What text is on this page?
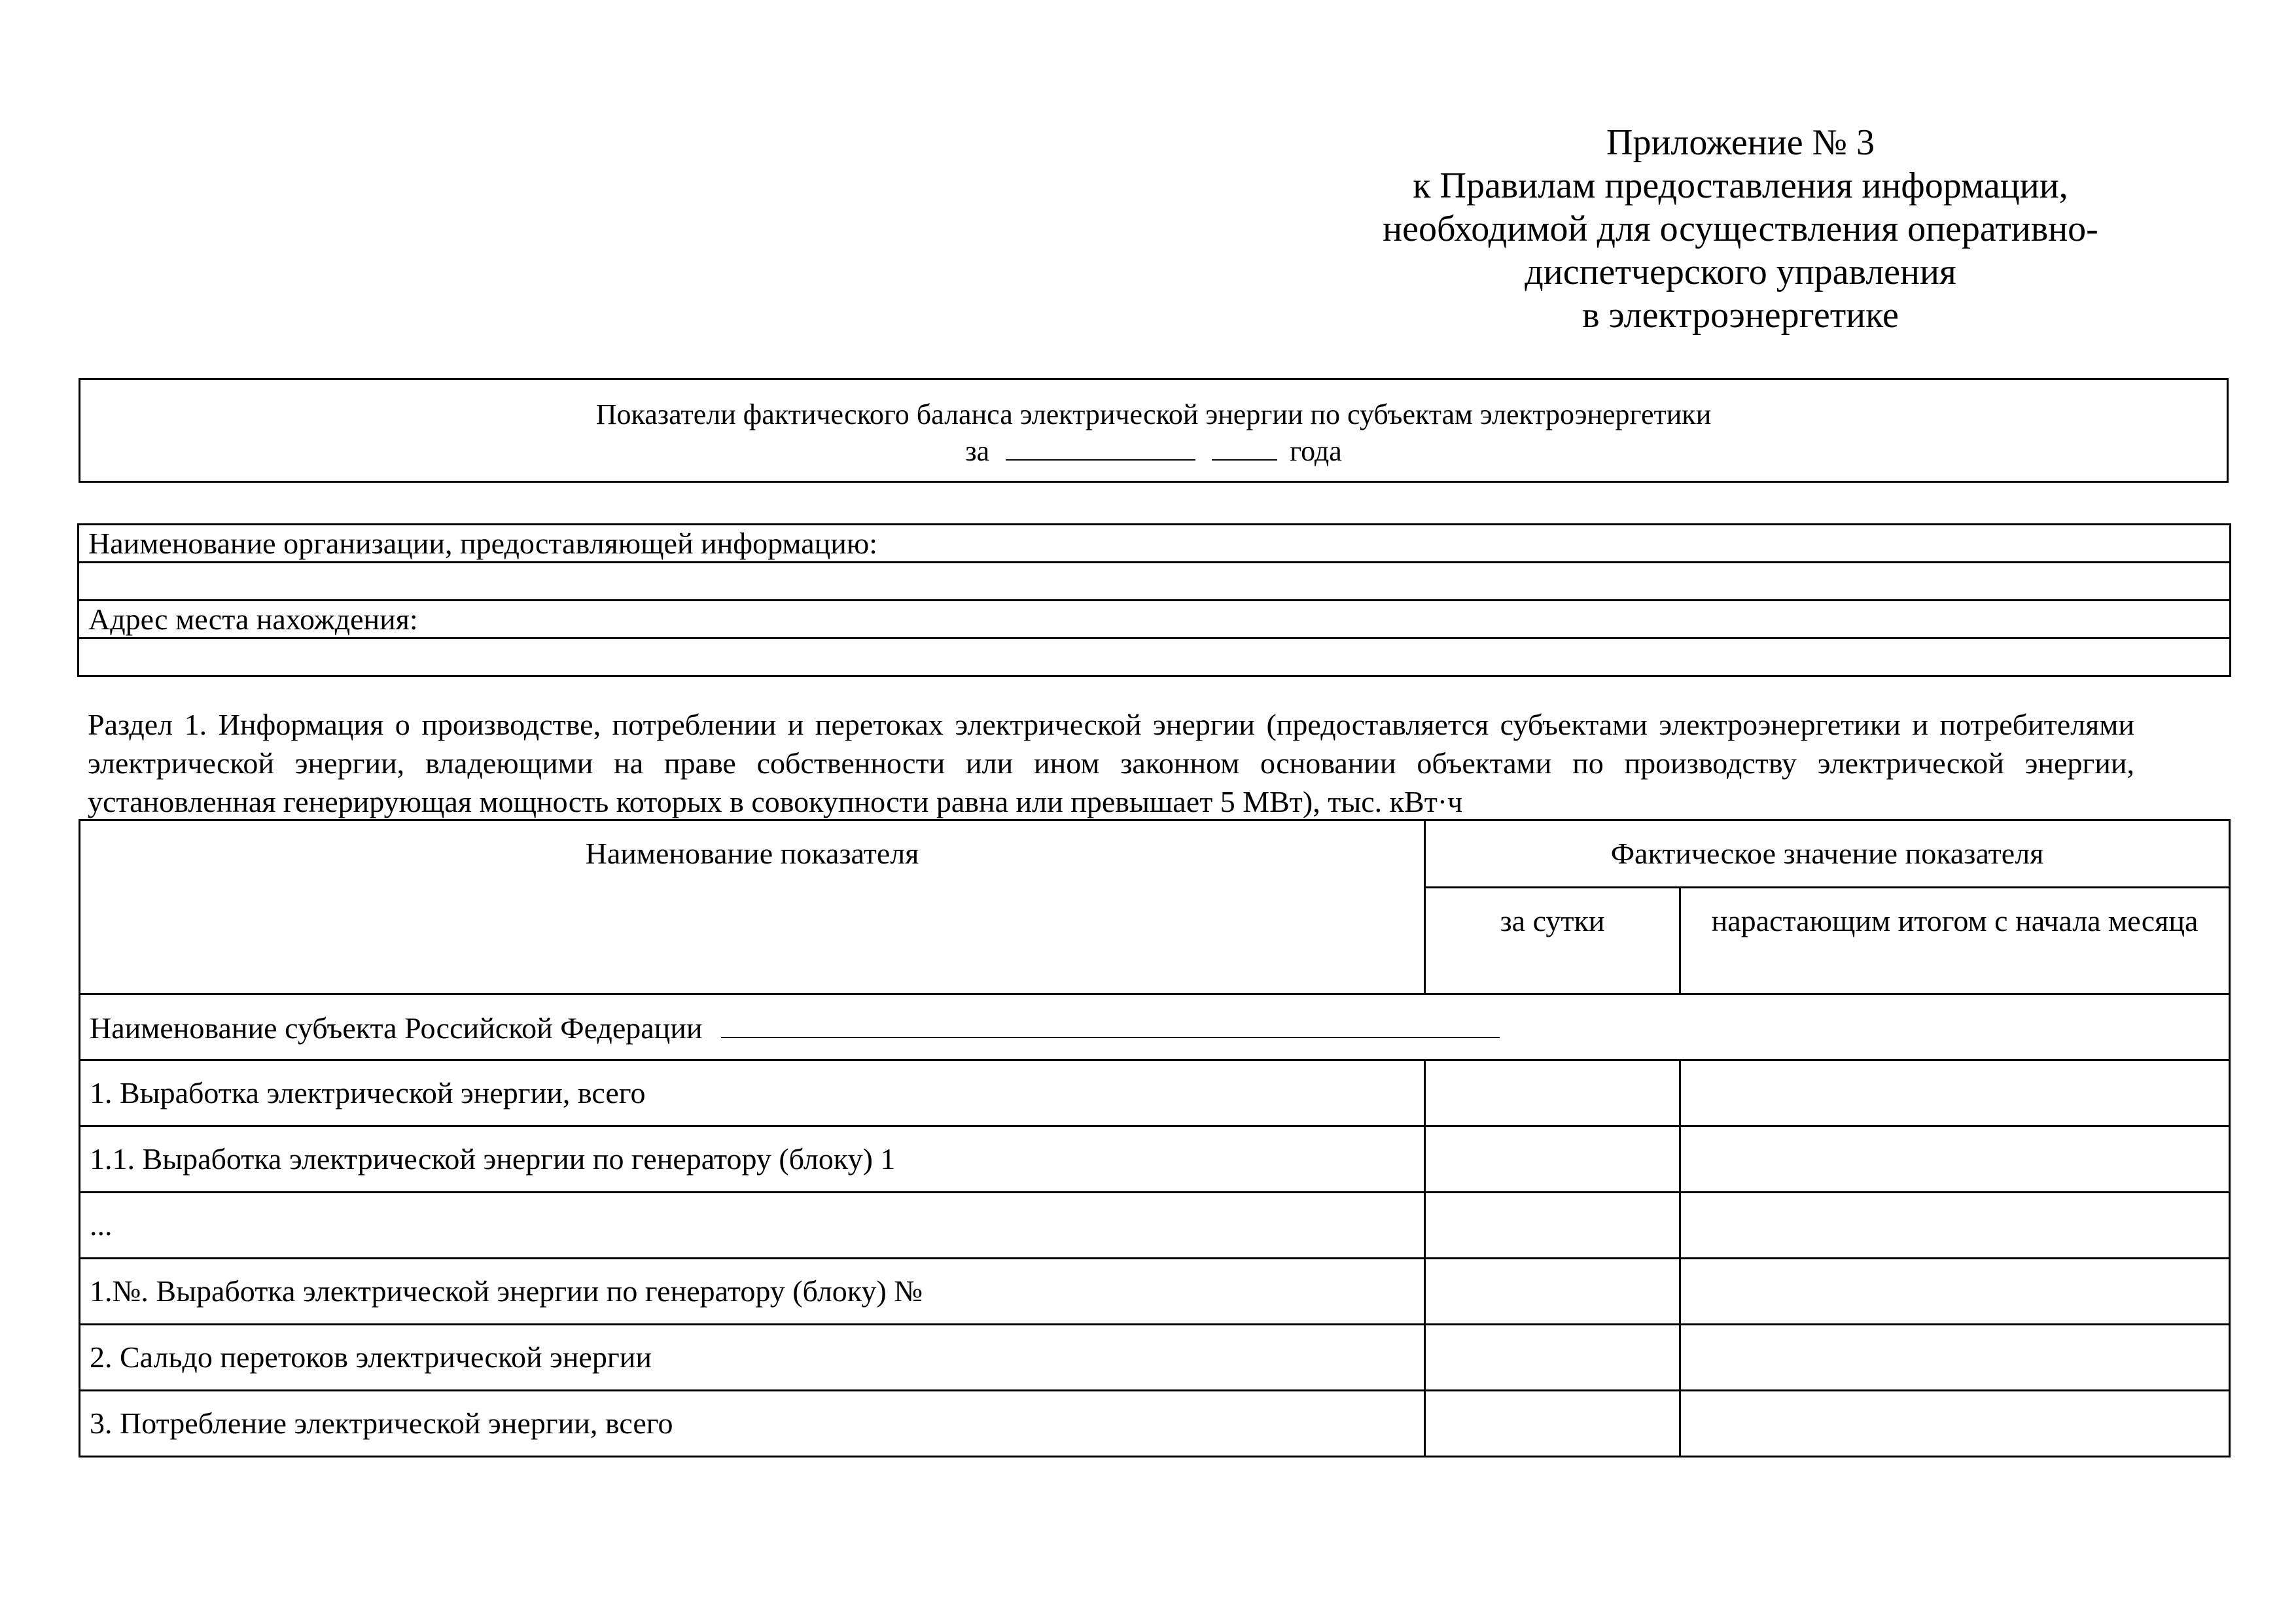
Приложение № 3
к Правилам предоставления информации,
необходимой для осуществления оперативно-
диспетчерского управления
в электроэнергетике
Показатели фактического баланса электрической энергии по субъектам электроэнергетики
за	года
Наименование организации, предоставляющей информацию:

Адрес места нахождения:

Раздел 1. Информация о производстве, потреблении и перетоках электрической энергии (предоставляется субъектами электроэнергетики и потребителями электрической энергии, владеющими на праве собственности или ином законном основании объектами по производству электрической энергии, установленная генерирующая мощность которых в совокупности равна или превышает 5 МВт), тыс. кВт·ч
Наименование показателя	Фактическое значение показателя	
	за сутки	нарастающим итогом с начала месяца
Наименование субъекта Российской Федерации		
1. Выработка электрической энергии, всего		
1.1. Выработка электрической энергии по генератору (блоку) 1		
...		
1.№. Выработка электрической энергии по генератору (блоку) №		
2. Сальдо перетоков электрической энергии		
3. Потребление электрической энергии, всего		
